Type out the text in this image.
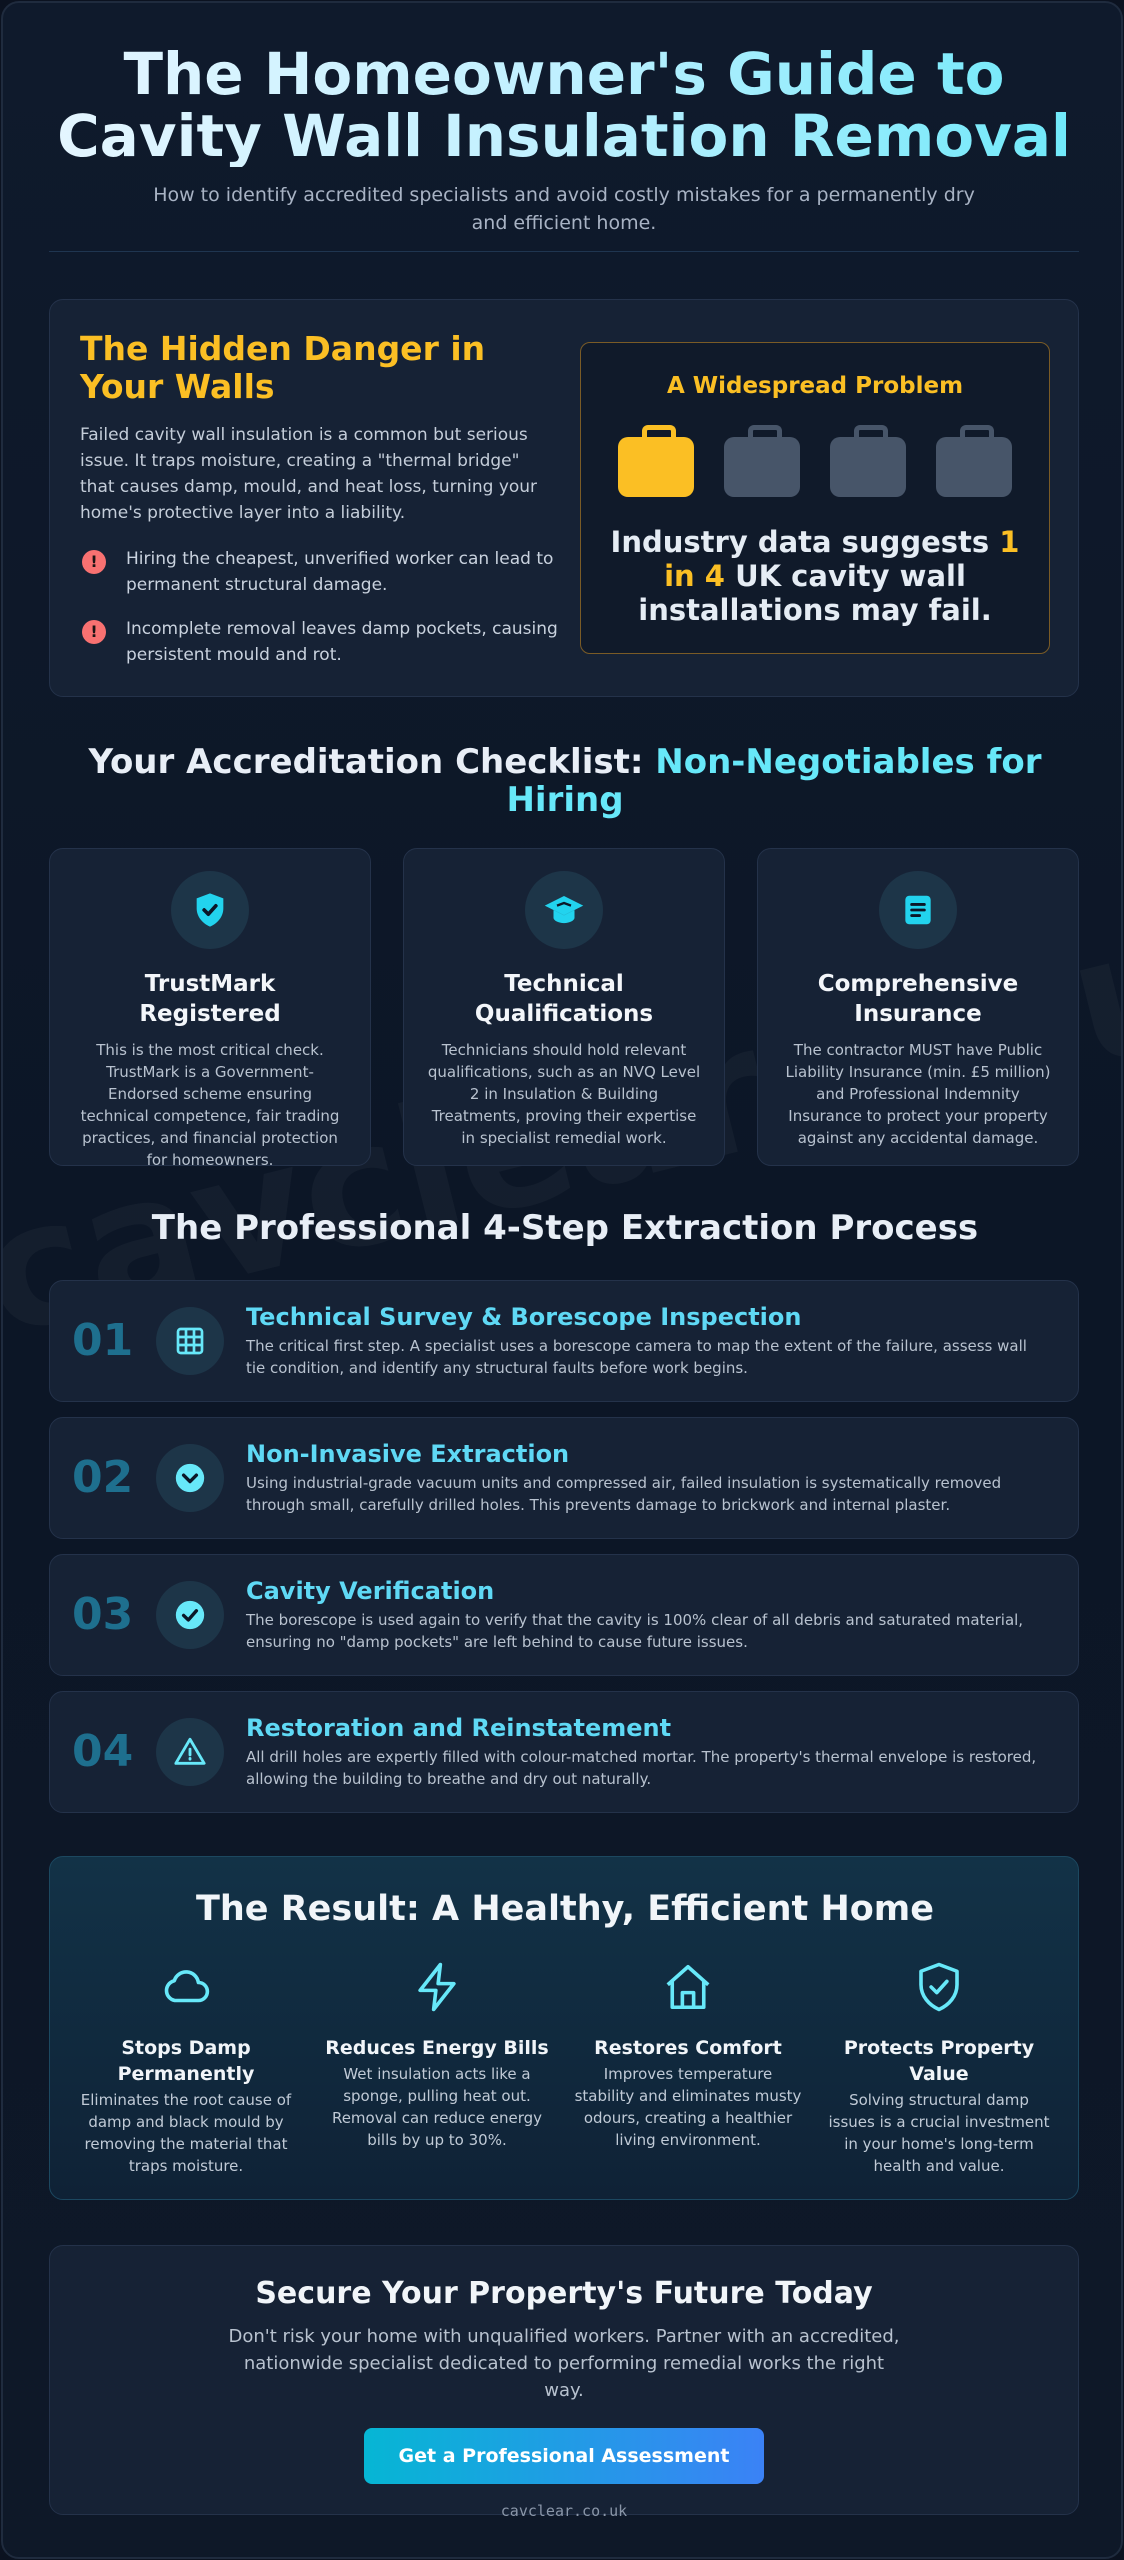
The Homeowner's Guide to Cavity Wall Insulation Removal

How to identify accredited specialists and avoid costly mistakes for a permanently dry and efficient home.

The Hidden Danger in Your Walls

Failed cavity wall insulation is a common but serious issue. It traps moisture, creating a "thermal bridge" that causes damp, mould, and heat loss, turning your home's protective layer into a liability.

!	Hiring the cheapest, unverified worker can lead to permanent structural damage.
!	Incomplete removal leaves damp pockets, causing persistent mould and rot.
A Widespread Problem
Industry data suggests 1 in 4 UK cavity wall installations may fail.
Your Accreditation Checklist: Non-Negotiables for Hiring
TrustMark Registered

This is the most critical check. TrustMark is a Government-Endorsed scheme ensuring technical competence, fair trading practices, and financial protection for homeowners.

Technical Qualifications

Technicians should hold relevant qualifications, such as an NVQ Level 2 in Insulation & Building Treatments, proving their expertise in specialist remedial work.

Comprehensive Insurance

The contractor MUST have Public Liability Insurance (min. £5 million) and Professional Indemnity Insurance to protect your property against any accidental damage.

The Professional 4-Step Extraction Process
01	Technical Survey & Borescope Inspection

The critical first step. A specialist uses a borescope camera to map the extent of the failure, assess wall tie condition, and identify any structural faults before work begins.

02	Non-Invasive Extraction

Using industrial-grade vacuum units and compressed air, failed insulation is systematically removed through small, carefully drilled holes. This prevents damage to brickwork and internal plaster.

03	Cavity Verification

The borescope is used again to verify that the cavity is 100% clear of all debris and saturated material, ensuring no "damp pockets" are left behind to cause future issues.

04	Restoration and Reinstatement

All drill holes are expertly filled with colour-matched mortar. The property's thermal envelope is restored, allowing the building to breathe and dry out naturally.

The Result: A Healthy, Efficient Home
Stops Damp Permanently

Eliminates the root cause of damp and black mould by removing the material that traps moisture.

Reduces Energy Bills

Wet insulation acts like a sponge, pulling heat out. Removal can reduce energy bills by up to 30%.

Restores Comfort

Improves temperature stability and eliminates musty odours, creating a healthier living environment.

Protects Property Value

Solving structural damp issues is a crucial investment in your home's long-term health and value.

Secure Your Property's Future Today

Don't risk your home with unqualified workers. Partner with an accredited, nationwide specialist dedicated to performing remedial works the right way.

Get a Professional Assessment
cavclear.co.uk
